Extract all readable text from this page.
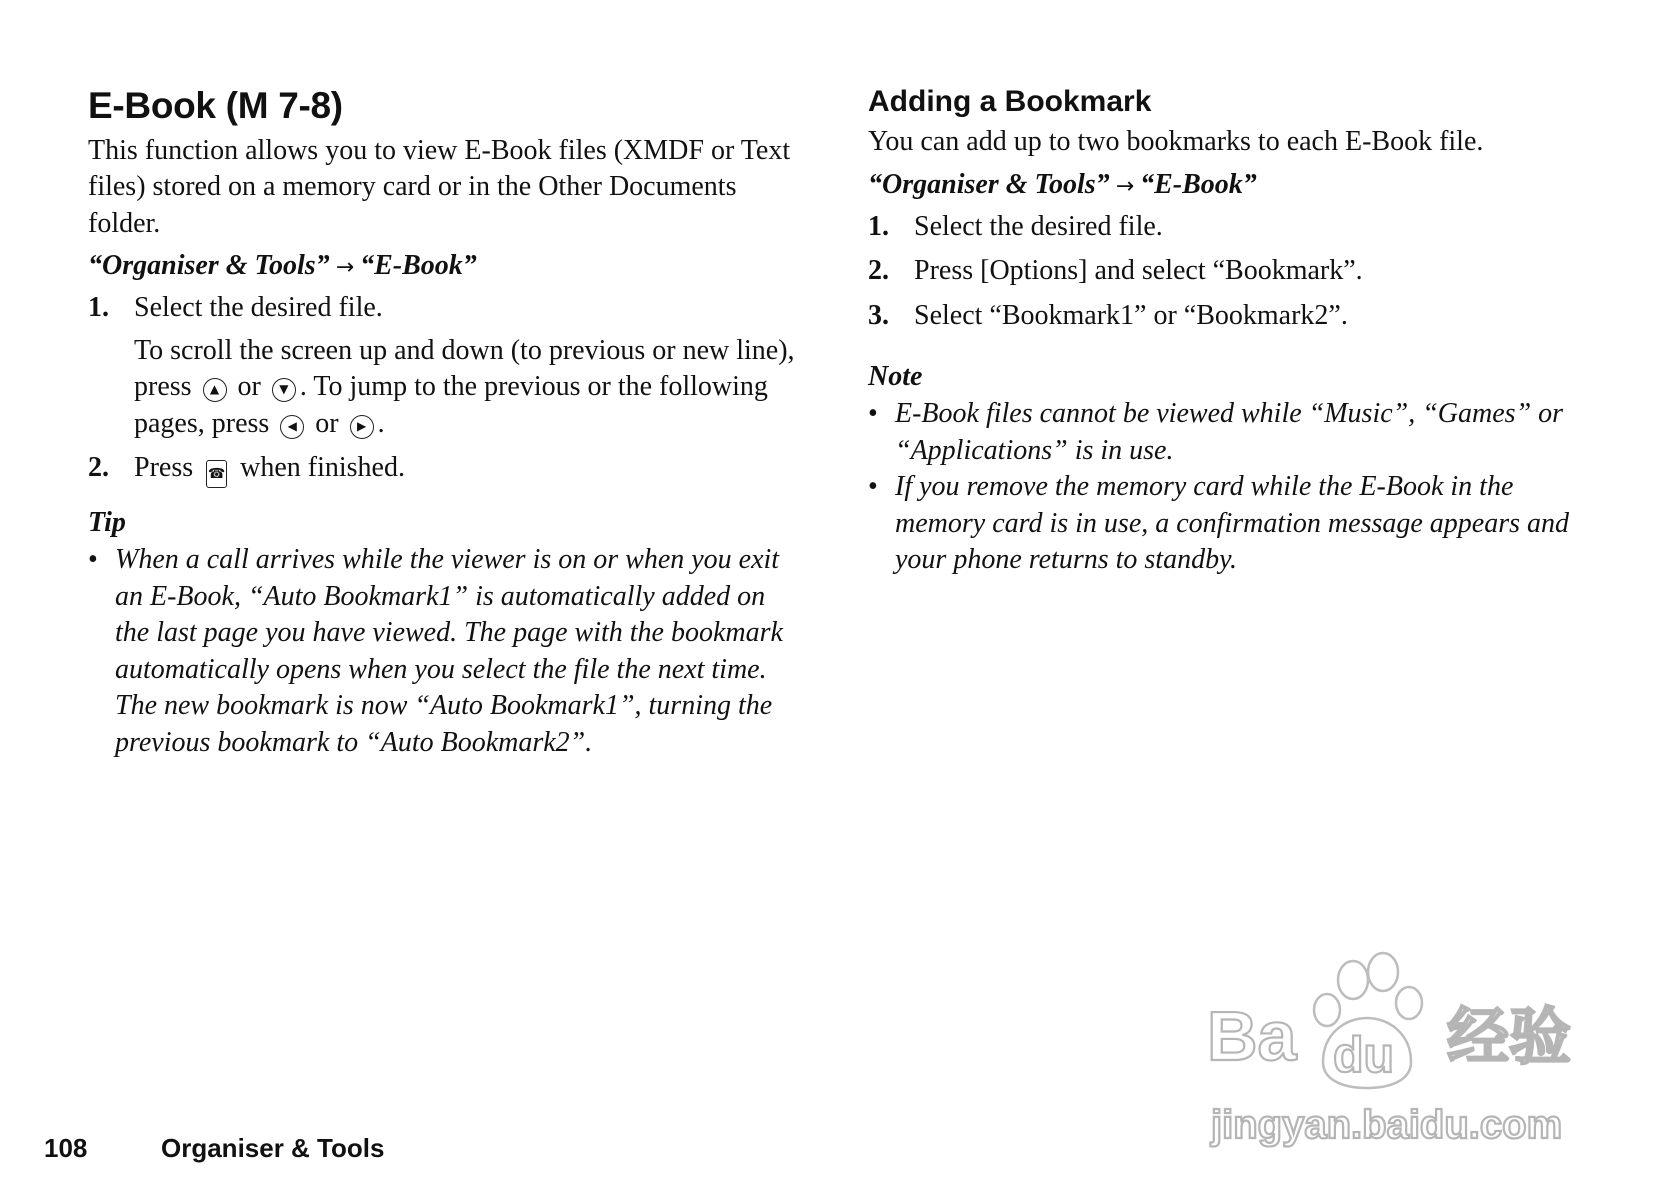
E-Book (M 7-8)

This function allows you to view E-Book files (XMDF or Text files) stored on a memory card or in the Other Documents folder.

“Organiser & Tools” → “E-Book”
1. Select the desired file.
To scroll the screen up and down (to previous or new line), press ▲ or ▼ . To jump to the previous or the following pages, press ◀ or ▶ .
2. Press ☎ when finished.
Tip
• When a call arrives while the viewer is on or when you exit an E-Book, “Auto Bookmark1” is automatically added on the last page you have viewed. The page with the bookmark automatically opens when you select the file the next time. The new bookmark is now “Auto Bookmark1”, turning the previous bookmark to “Auto Bookmark2”.
Adding a Bookmark

You can add up to two bookmarks to each E-Book file.

“Organiser & Tools” → “E-Book”
1. Select the desired file.
2. Press [Options] and select “Bookmark”.
3. Select “Bookmark1” or “Bookmark2”.
Note
• E-Book files cannot be viewed while “Music”, “Games” or “Applications” is in use.
• If you remove the memory card while the E-Book in the memory card is in use, a confirmation message appears and your phone returns to standby.
108	Organiser & Tools
Ba du 经验
jingyan.baidu.com
